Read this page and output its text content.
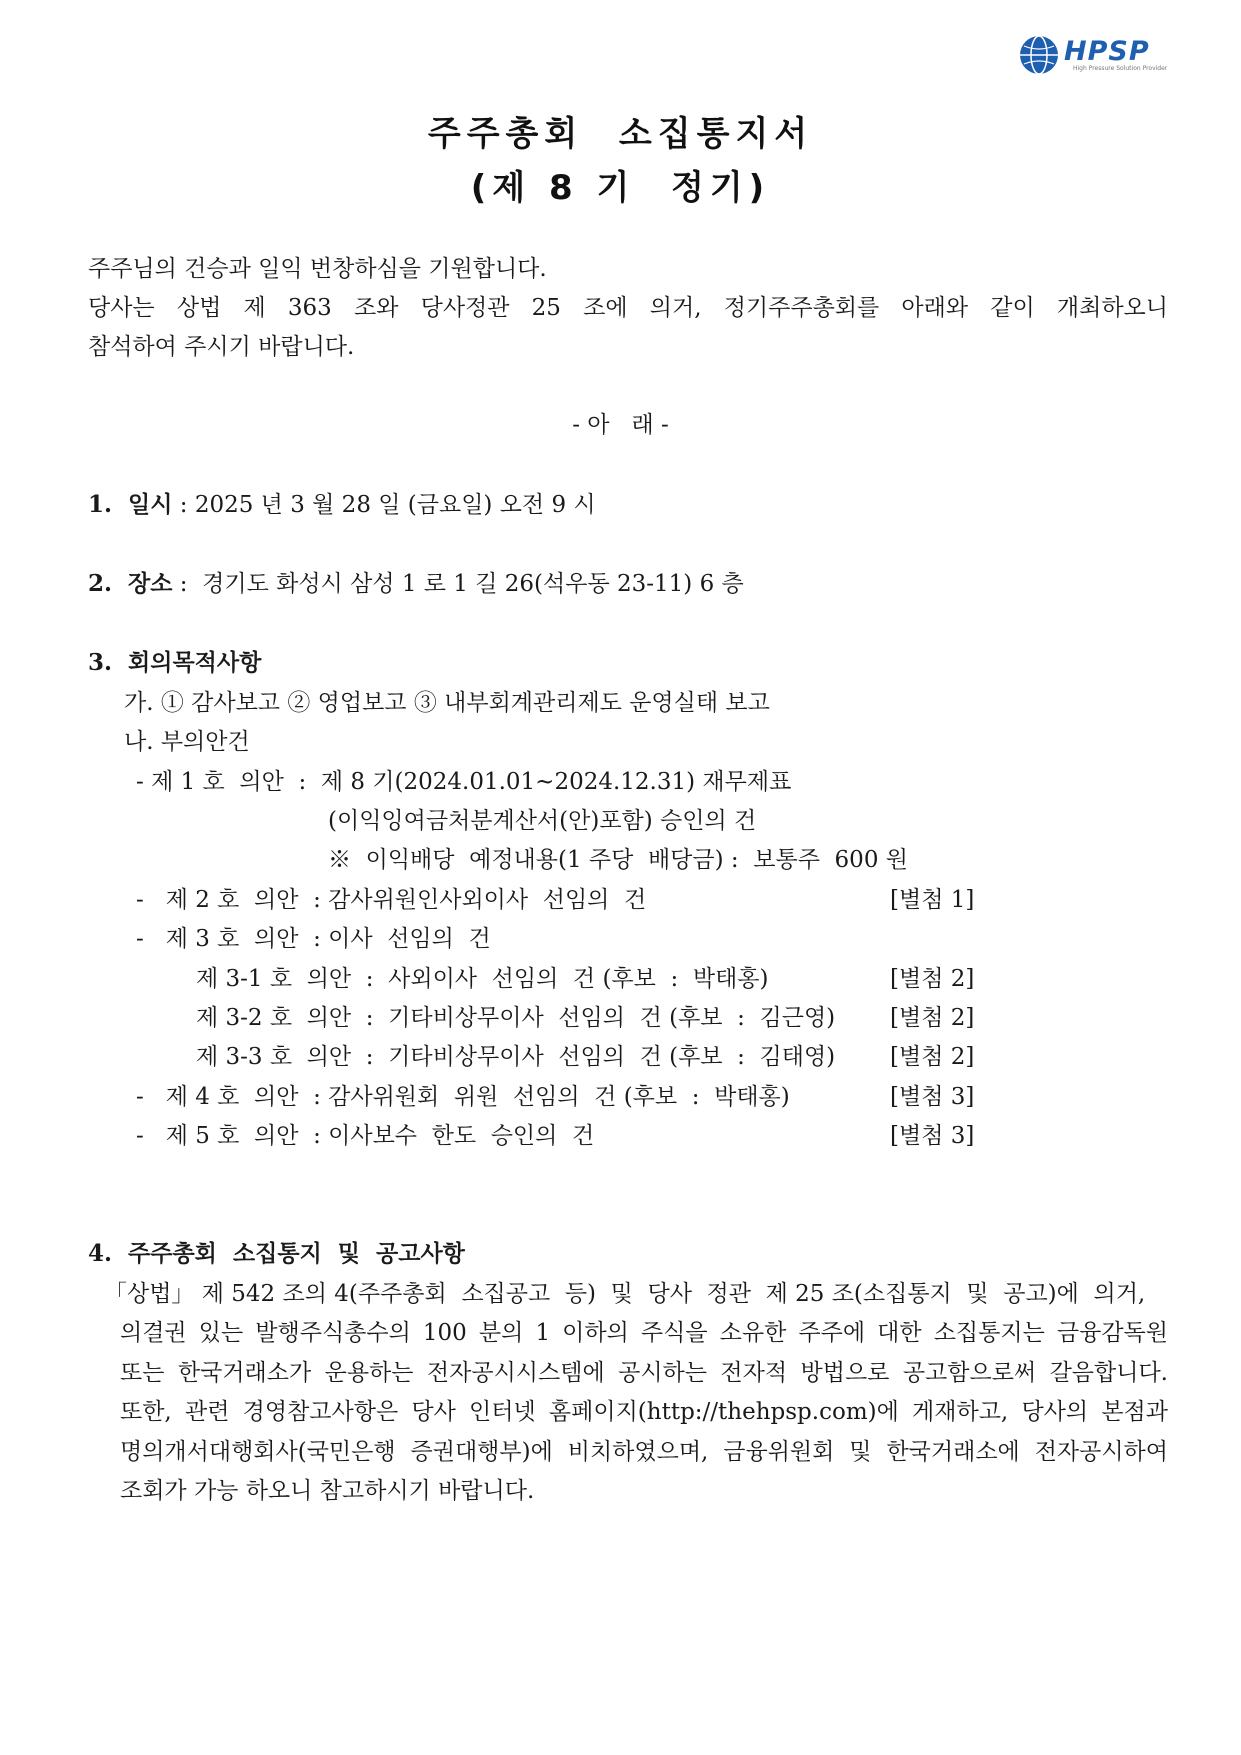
HPSP
High Pressure Solution Provider
주주총회  소집통지서
(제 8 기  정기)
주주님의 건승과 일익 번창하심을 기원합니다.
당사는 상법 제 363 조와 당사정관 25 조에 의거, 정기주주총회를 아래와 같이 개최하오니
참석하여 주시기 바랍니다.
- 아   래 -
1.  일시 : 2025 년 3 월 28 일 (금요일) 오전 9 시
2.  장소 :  경기도 화성시 삼성 1 로 1 길 26(석우동 23-11) 6 층
3.  회의목적사항
가. ① 감사보고 ② 영업보고 ③ 내부회계관리제도 운영실태 보고
나. 부의안건
- 제 1 호  의안  :  제 8 기(2024.01.01~2024.12.31) 재무제표
(이익잉여금처분계산서(안)포함) 승인의 건
※  이익배당  예정내용(1 주당  배당금) :  보통주  600 원
-   제 2 호  의안  : 감사위원인사외이사  선임의  건	[별첨 1]
-   제 3 호  의안  : 이사  선임의  건
제 3-1 호  의안  :  사외이사  선임의  건 (후보  :  박태홍)	[별첨 2]
제 3-2 호  의안  :  기타비상무이사  선임의  건 (후보  :  김근영) [별첨 2]
제 3-3 호  의안  :  기타비상무이사  선임의  건 (후보  :  김태영) [별첨 2]
-   제 4 호  의안  : 감사위원회  위원  선임의  건 (후보  :  박태홍)	[별첨 3]
-   제 5 호  의안  : 이사보수  한도  승인의  건	[별첨 3]
4.  주주총회  소집통지  및  공고사항
「상법」 제 542 조의 4(주주총회  소집공고  등)  및  당사  정관  제 25 조(소집통지  및  공고)에  의거,
의결권 있는 발행주식총수의 100 분의 1 이하의 주식을 소유한 주주에 대한 소집통지는 금융감독원
또는 한국거래소가 운용하는 전자공시시스템에 공시하는 전자적 방법으로 공고함으로써 갈음합니다.
또한, 관련 경영참고사항은 당사 인터넷 홈페이지(http://thehpsp.com)에 게재하고, 당사의 본점과
명의개서대행회사(국민은행 증권대행부)에 비치하였으며, 금융위원회 및 한국거래소에 전자공시하여
조회가 가능 하오니 참고하시기 바랍니다.
